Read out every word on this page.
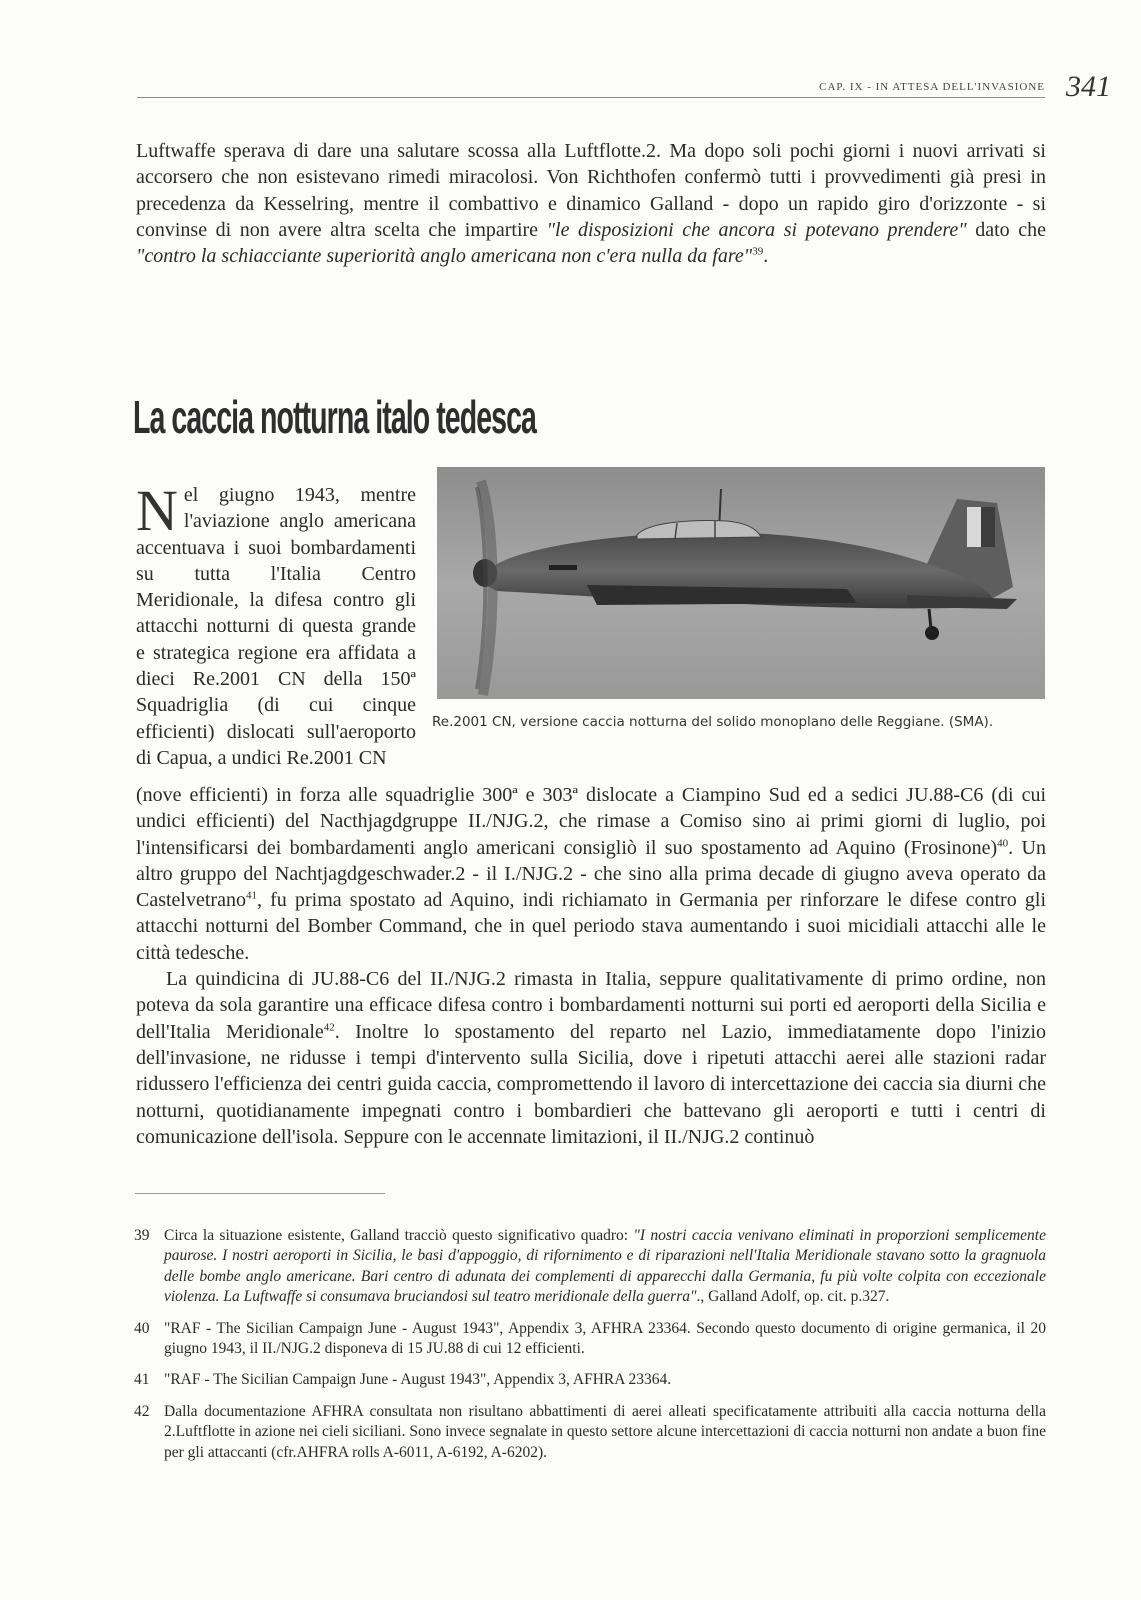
CAP. IX - IN ATTESA DELL'INVASIONE 341

Luftwaffe sperava di dare una salutare scossa alla Luftflotte.2. Ma dopo soli pochi giorni i nuovi arrivati si accorsero che non esistevano rimedi miracolosi. Von Richthofen confermò tutti i provvedimenti già presi in precedenza da Kesselring, mentre il combattivo e dinamico Galland - dopo un rapido giro d'orizzonte - si convinse di non avere altra scelta che impartire "le disposizioni che ancora si potevano prendere" dato che "contro la schiacciante superiorità anglo americana non c'era nulla da fare"$^{39}$.

La caccia notturna italo tedesca

Nel giugno 1943, mentre l'aviazione anglo americana accentuava i suoi bombardamenti su tutta l'Italia Centro Meridionale, la difesa contro gli attacchi notturni di questa grande e strategica regione era affidata a dieci Re.2001 CN della 150ª Squadriglia (di cui cinque efficienti) dislocati sull'aeroporto di Capua, a undici Re.2001 CN

Re.2001 CN, versione caccia notturna del solido monoplano delle Reggiane. (SMA).

(nove efficienti) in forza alle squadriglie 300ª e 303ª dislocate a Ciampino Sud ed a sedici JU.88-C6 (di cui undici efficienti) del Nacthjagdgruppe II./NJG.2, che rimase a Comiso sino ai primi giorni di luglio, poi l'intensificarsi dei bombardamenti anglo americani consigliò il suo spostamento ad Aquino (Frosinone)$^{40}$. Un altro gruppo del Nachtjagdgeschwader.2 - il I./NJG.2 - che sino alla prima decade di giugno aveva operato da Castelvetrano$^{41}$, fu prima spostato ad Aquino, indi richiamato in Germania per rinforzare le difese contro gli attacchi notturni del Bomber Command, che in quel periodo stava aumentando i suoi micidiali attacchi alle le città tedesche.

La quindicina di JU.88-C6 del II./NJG.2 rimasta in Italia, seppure qualitativamente di primo ordine, non poteva da sola garantire una efficace difesa contro i bombardamenti notturni sui porti ed aeroporti della Sicilia e dell'Italia Meridionale$^{42}$. Inoltre lo spostamento del reparto nel Lazio, immediatamente dopo l'inizio dell'invasione, ne ridusse i tempi d'intervento sulla Sicilia, dove i ripetuti attacchi aerei alle stazioni radar ridussero l'efficienza dei centri guida caccia, compromettendo il lavoro di intercettazione dei caccia sia diurni che notturni, quotidianamente impegnati contro i bombardieri che battevano gli aeroporti e tutti i centri di comunicazione dell'isola. Seppure con le accennate limitazioni, il II./NJG.2 continuò

39 Circa la situazione esistente, Galland tracciò questo significativo quadro: "I nostri caccia venivano eliminati in proporzioni semplicemente paurose. I nostri aeroporti in Sicilia, le basi d'appoggio, di rifornimento e di riparazioni nell'Italia Meridionale stavano sotto la gragnuola delle bombe anglo americane. Bari centro di adunata dei complementi di apparecchi dalla Germania, fu più volte colpita con eccezionale violenza. La Luftwaffe si consumava bruciandosi sul teatro meridionale della guerra"., Galland Adolf, op. cit. p.327.
40 "RAF - The Sicilian Campaign June - August 1943", Appendix 3, AFHRA 23364. Secondo questo documento di origine germanica, il 20 giugno 1943, il II./NJG.2 disponeva di 15 JU.88 di cui 12 efficienti.
41 "RAF - The Sicilian Campaign June - August 1943", Appendix 3, AFHRA 23364.
42 Dalla documentazione AFHRA consultata non risultano abbattimenti di aerei alleati specificatamente attribuiti alla caccia notturna della 2.Luftflotte in azione nei cieli siciliani. Sono invece segnalate in questo settore alcune intercettazioni di caccia notturni non andate a buon fine per gli attaccanti (cfr.AHFRA rolls A-6011, A-6192, A-6202).
